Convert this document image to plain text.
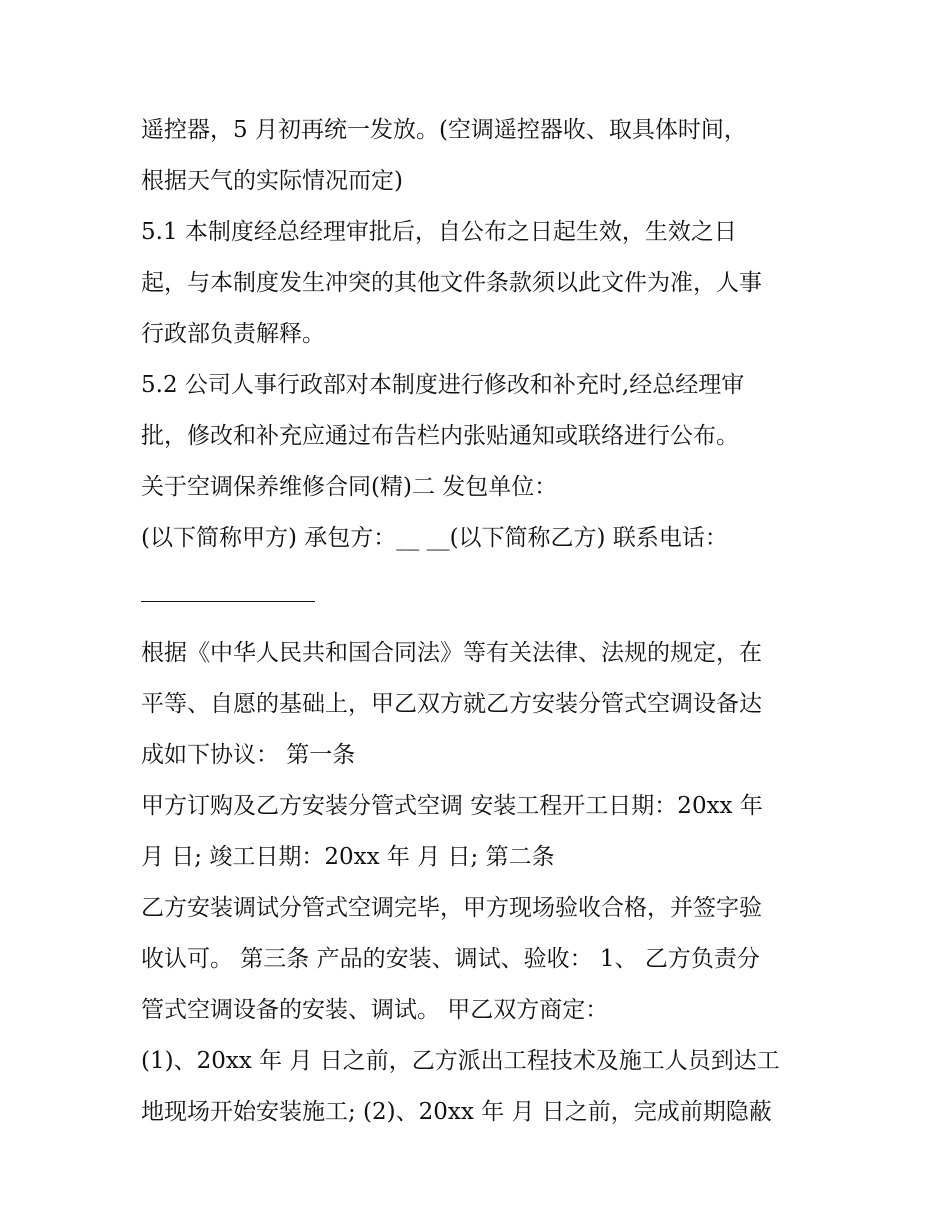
遥控器，5 月初再统一发放。(空调遥控器收、取具体时间，
根据天气的实际情况而定)
5.1 本制度经总经理审批后，自公布之日起生效，生效之日
起，与本制度发生冲突的其他文件条款须以此文件为准，人事
行政部负责解释。
5.2 公司人事行政部对本制度进行修改和补充时,经总经理审
批，修改和补充应通过布告栏内张贴通知或联络进行公布。
关于空调保养维修合同(精)二 发包单位：
(以下简称甲方) 承包方：__ __(以下简称乙方) 联系电话：
根据《中华人民共和国合同法》等有关法律、法规的规定，在
平等、自愿的基础上，甲乙双方就乙方安装分管式空调设备达
成如下协议： 第一条
甲方订购及乙方安装分管式空调 安装工程开工日期：20xx 年
月 日; 竣工日期：20xx 年 月 日; 第二条
乙方安装调试分管式空调完毕，甲方现场验收合格，并签字验
收认可。 第三条 产品的安装、调试、验收： 1、 乙方负责分
管式空调设备的安装、调试。 甲乙双方商定：
(1)、20xx 年 月 日之前，乙方派出工程技术及施工人员到达工
地现场开始安装施工; (2)、20xx 年 月 日之前，完成前期隐蔽
